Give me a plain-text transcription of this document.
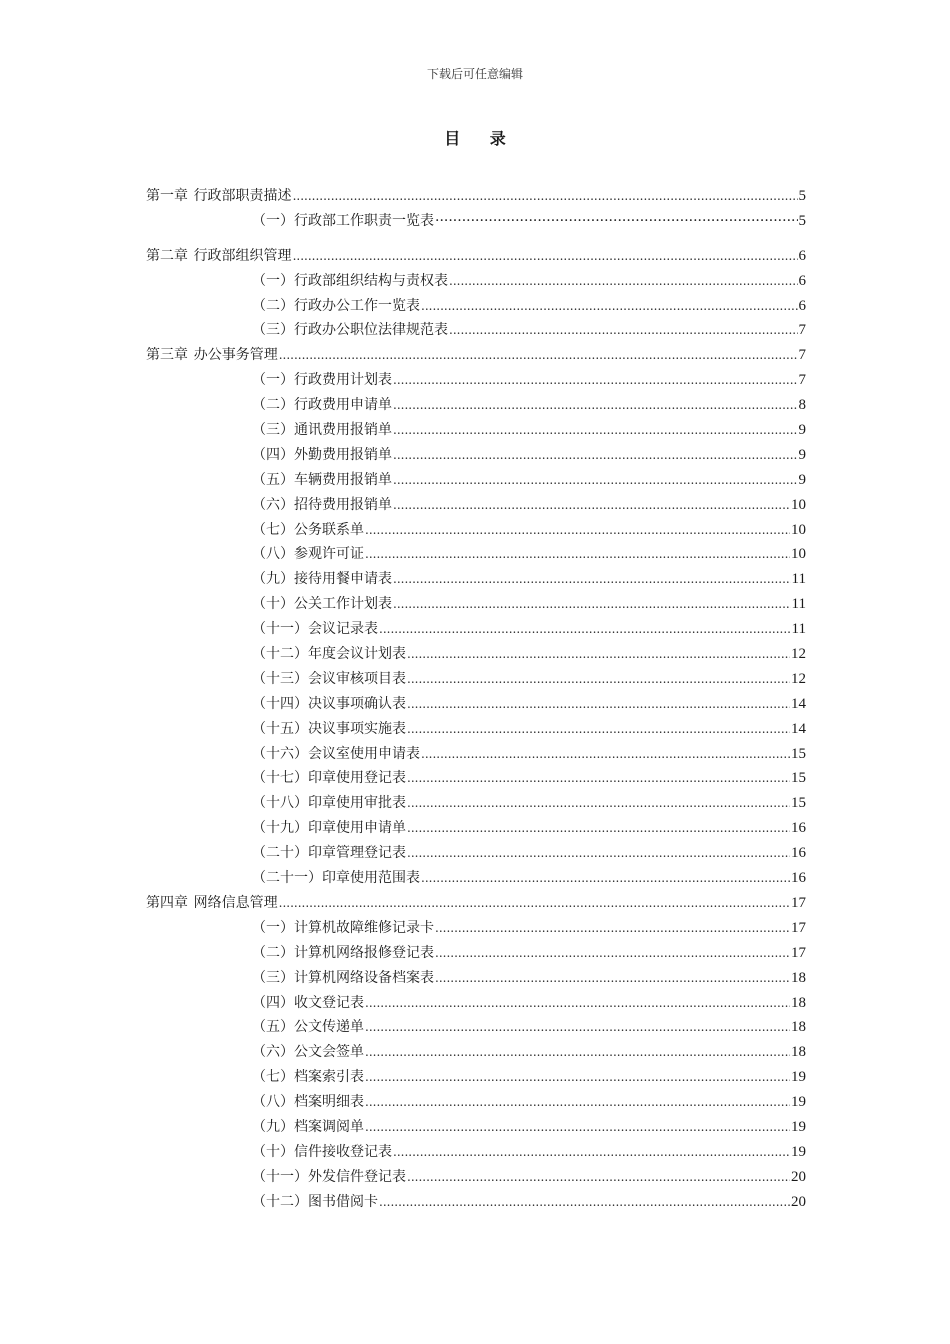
下载后可任意编辑
目 录
第一章 行政部职责描述 .....	5
（一）行政部工作职责一览表 ·····	5
第二章 行政部组织管理 .....	6
（一）行政部组织结构与责权表 .....	6
（二）行政办公工作一览表 .....	6
（三）行政办公职位法律规范表 .....	7
第三章 办公事务管理 .....	7
（一）行政费用计划表 .....	7
（二）行政费用申请单 .....	8
（三）通讯费用报销单 .....	9
（四）外勤费用报销单 .....	9
（五）车辆费用报销单 .....	9
（六）招待费用报销单 .....	10
（七）公务联系单 .....	10
（八）参观许可证 .....	10
（九）接待用餐申请表 .....	11
（十）公关工作计划表 .....	11
（十一）会议记录表 .....	11
（十二）年度会议计划表 .....	12
（十三）会议审核项目表 .....	12
（十四）决议事项确认表 .....	14
（十五）决议事项实施表 .....	14
（十六）会议室使用申请表 .....	15
（十七）印章使用登记表 .....	15
（十八）印章使用审批表 .....	15
（十九）印章使用申请单 .....	16
（二十）印章管理登记表 .....	16
（二十一）印章使用范围表 .....	16
第四章 网络信息管理 .....	17
（一）计算机故障维修记录卡 .....	17
（二）计算机网络报修登记表 .....	17
（三）计算机网络设备档案表 .....	18
（四）收文登记表 .....	18
（五）公文传递单 .....	18
（六）公文会签单 .....	18
（七）档案索引表 .....	19
（八）档案明细表 .....	19
（九）档案调阅单 .....	19
（十）信件接收登记表 .....	19
（十一）外发信件登记表 .....	20
（十二）图书借阅卡 .....	20
